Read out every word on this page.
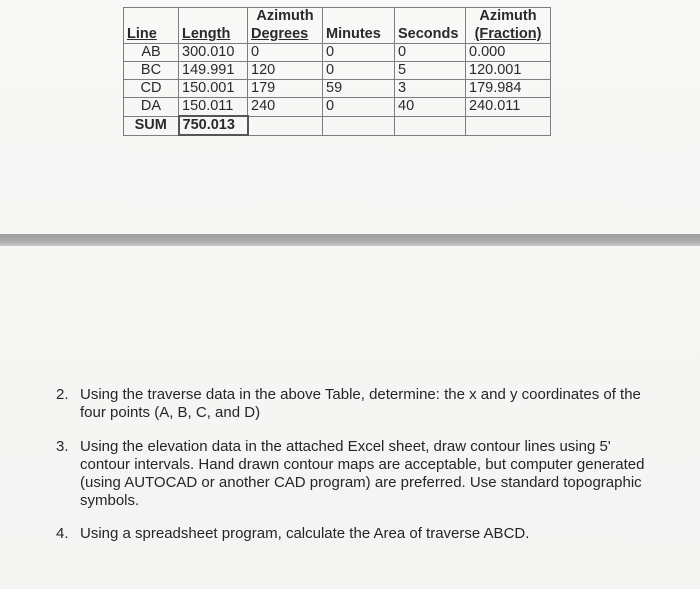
		Azimuth			Azimuth
Line	Length	Degrees	Minutes	Seconds	(Fraction)
AB	300.010	0	0	0	0.000
BC	149.991	120	0	5	120.001
CD	150.001	179	59	3	179.984
DA	150.011	240	0	40	240.011
SUM	750.013				
2. Using the traverse data in the above Table, determine: the x and y coordinates of the four points (A, B, C, and D)
3. Using the elevation data in the attached Excel sheet, draw contour lines using 5' contour intervals. Hand drawn contour maps are acceptable, but computer generated (using AUTOCAD or another CAD program) are preferred. Use standard topographic symbols.
4. Using a spreadsheet program, calculate the Area of traverse ABCD.
